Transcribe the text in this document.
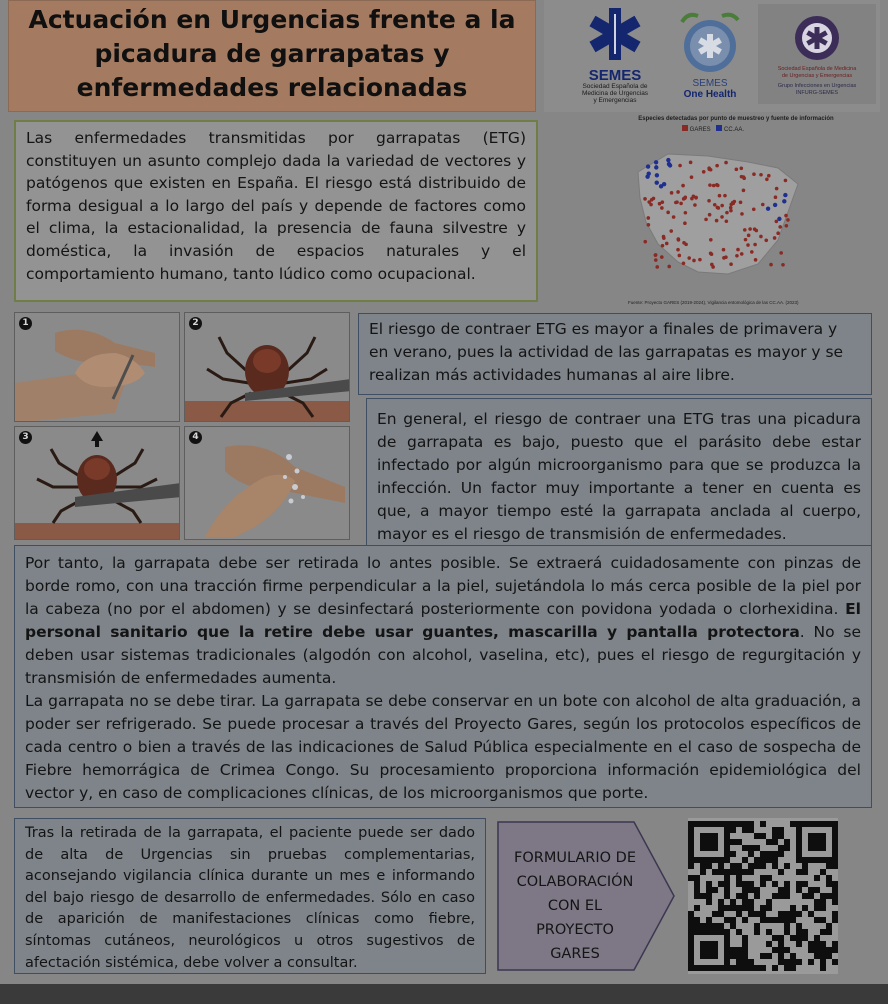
Actuación en Urgencias frente a la
picadura de garrapatas y
enfermedades relacionadas	SEMES
Sociedad Española de
Medicina de Urgencias
y Emergencias
SEMES
One Health
Sociedad Española de Medicina
de Urgencias y Emergencias
Grupo Infecciones en Urgencias
INFURG-SEMES
Las enfermedades transmitidas por garrapatas (ETG) constituyen un asunto complejo dada la variedad de vectores y patógenos que existen en España. El riesgo está distribuido de forma desigual a lo largo del país y depende de factores como el clima, la estacionalidad, la presencia de fauna silvestre y doméstica, la invasión de espacios naturales y el comportamiento humano, tanto lúdico como ocupacional.
Especies detectadas por punto de muestreo y fuente de información
GARES CC.AA.
Fuente: Proyecto GARES (2019-2024), Vigilancia entomológica de las CC.AA. (2023)
1	2
3	4
El riesgo de contraer ETG es mayor a finales de primavera y en verano, pues la actividad de las garrapatas es mayor y se realizan más actividades humanas al aire libre.
En general, el riesgo de contraer una ETG tras una picadura de garrapata es bajo, puesto que el parásito debe estar infectado por algún microorganismo para que se produzca la infección. Un factor muy importante a tener en cuenta es que, a mayor tiempo esté la garrapata anclada al cuerpo, mayor es el riesgo de transmisión de enfermedades.

Por tanto, la garrapata debe ser retirada lo antes posible. Se extraerá cuidadosamente con pinzas de borde romo, con una tracción firme perpendicular a la piel, sujetándola lo más cerca posible de la piel por la cabeza (no por el abdomen) y se desinfectará posteriormente con povidona yodada o clorhexidina. El personal sanitario que la retire debe usar guantes, mascarilla y pantalla protectora. No se deben usar sistemas tradicionales (algodón con alcohol, vaselina, etc), pues el riesgo de regurgitación y transmisión de enfermedades aumenta.

La garrapata no se debe tirar. La garrapata se debe conservar en un bote con alcohol de alta graduación, a poder ser refrigerado. Se puede procesar a través del Proyecto Gares, según los protocolos específicos de cada centro o bien a través de las indicaciones de Salud Pública especialmente en el caso de sospecha de Fiebre hemorrágica de Crimea Congo. Su procesamiento proporciona información epidemiológica del vector y, en caso de complicaciones clínicas, de los microorganismos que porte.

Tras la retirada de la garrapata, el paciente puede ser dado de alta de Urgencias sin pruebas complementarias, aconsejando vigilancia clínica durante un mes e informando del bajo riesgo de desarrollo de enfermedades. Sólo en caso de aparición de manifestaciones clínicas como fiebre, síntomas cutáneos, neurológicos u otros sugestivos de afectación sistémica, debe volver a consultar.
FORMULARIO DE
COLABORACIÓN
CON EL
PROYECTO
GARES
